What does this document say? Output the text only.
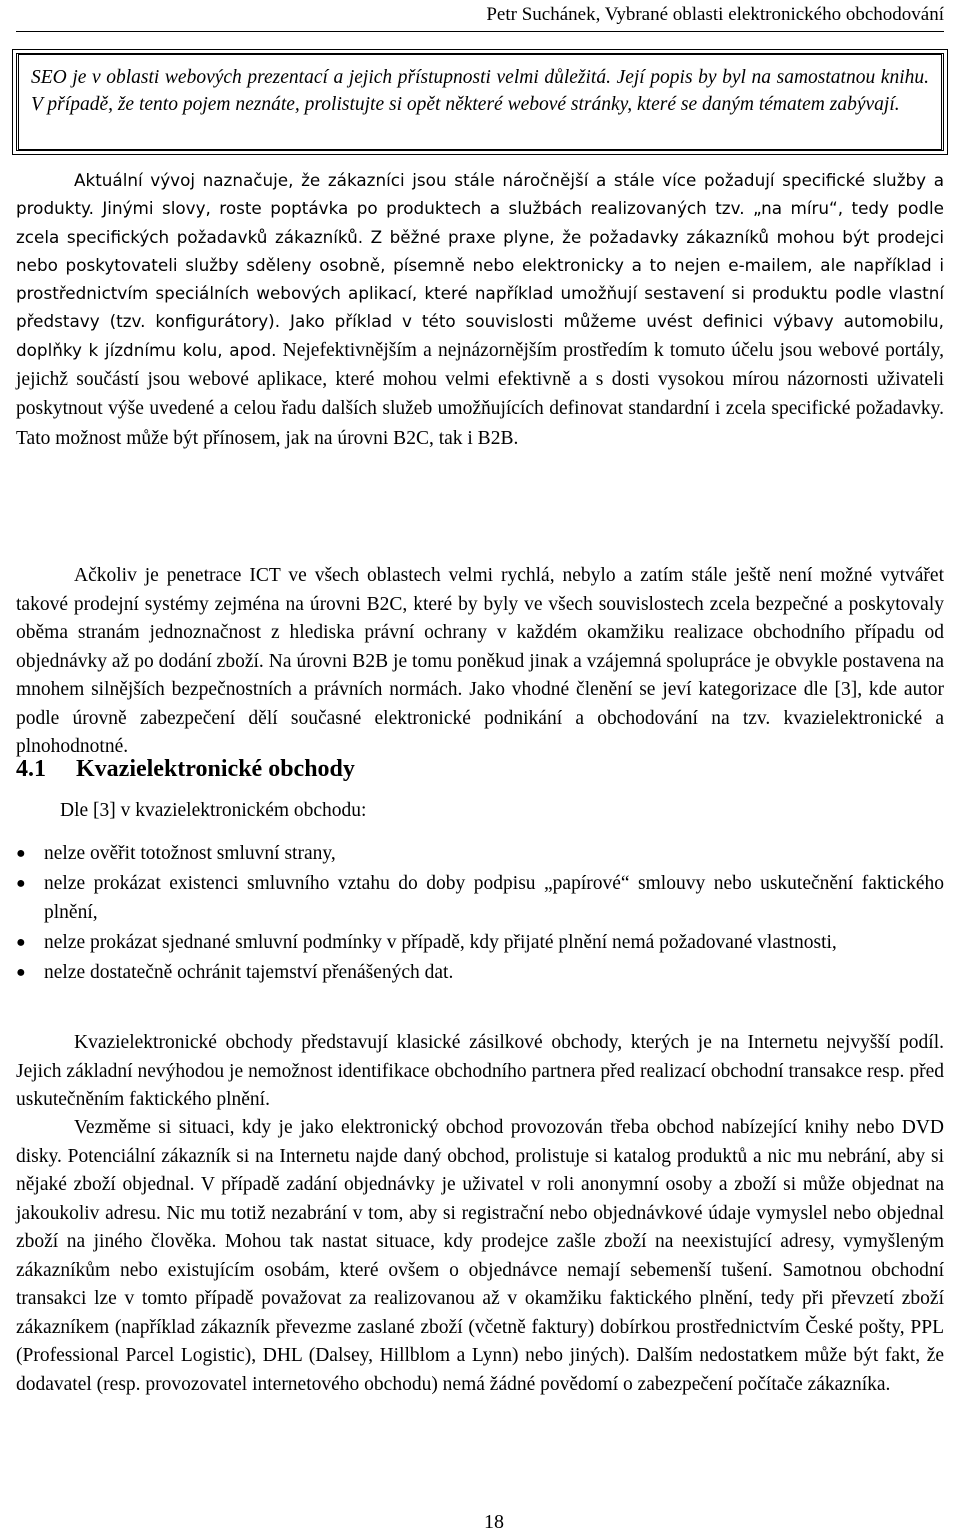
Petr Suchánek, Vybrané oblasti elektronického obchodování
SEO je v oblasti webových prezentací a jejich přístupnosti velmi důležitá. Její popis by byl na samostatnou knihu. V případě, že tento pojem neznáte, prolistujte si opět některé webové stránky, které se daným tématem zabývají.

Aktuální vývoj naznačuje, že zákazníci jsou stále náročnější a stále více požadují specifické služby a produkty. Jinými slovy, roste poptávka po produktech a službách realizovaných tzv. „na míru“, tedy podle zcela specifických požadavků zákazníků. Z běžné praxe plyne, že požadavky zákazníků mohou být prodejci nebo poskytovateli služby sděleny osobně, písemně nebo elektronicky a to nejen e-mailem, ale například i prostřednictvím speciálních webových aplikací, které například umožňují sestavení si produktu podle vlastní představy (tzv. konfigurátory). Jako příklad v této souvislosti můžeme uvést definici výbavy automobilu, doplňky k jízdnímu kolu, apod. Nejefektivnějším a nejnázornějším prostředím k tomuto účelu jsou webové portály, jejichž součástí jsou webové aplikace, které mohou velmi efektivně a s dosti vysokou mírou názornosti uživateli poskytnout výše uvedené a celou řadu dalších služeb umožňujících definovat standardní i zcela specifické požadavky. Tato možnost může být přínosem, jak na úrovni B2C, tak i B2B.

Ačkoliv je penetrace ICT ve všech oblastech velmi rychlá, nebylo a zatím stále ještě není možné vytvářet takové prodejní systémy zejména na úrovni B2C, které by byly ve všech souvislostech zcela bezpečné a poskytovaly oběma stranám jednoznačnost z hlediska právní ochrany v každém okamžiku realizace obchodního případu od objednávky až po dodání zboží. Na úrovni B2B je tomu poněkud jinak a vzájemná spolupráce je obvykle postavena na mnohem silnějších bezpečnostních a právních normách. Jako vhodné členění se jeví kategorizace dle [3], kde autor podle úrovně zabezpečení dělí současné elektronické podnikání a obchodování na tzv. kvazielektronické a plnohodnotné.

4.1 Kvazielektronické obchody
Dle [3] v kvazielektronickém obchodu:
● nelze ověřit totožnost smluvní strany,
● nelze prokázat existenci smluvního vztahu do doby podpisu „papírové“ smlouvy nebo uskutečnění faktického plnění,
● nelze prokázat sjednané smluvní podmínky v případě, kdy přijaté plnění nemá požadované vlastnosti,
● nelze dostatečně ochránit tajemství přenášených dat.

Kvazielektronické obchody představují klasické zásilkové obchody, kterých je na Internetu nejvyšší podíl. Jejich základní nevýhodou je nemožnost identifikace obchodního partnera před realizací obchodní transakce resp. před uskutečněním faktického plnění.

Vezměme si situaci, kdy je jako elektronický obchod provozován třeba obchod nabízející knihy nebo DVD disky. Potenciální zákazník si na Internetu najde daný obchod, prolistuje si katalog produktů a nic mu nebrání, aby si nějaké zboží objednal. V případě zadání objednávky je uživatel v roli anonymní osoby a zboží si může objednat na jakoukoliv adresu. Nic mu totiž nezabrání v tom, aby si registrační nebo objednávkové údaje vymyslel nebo objednal zboží na jiného člověka. Mohou tak nastat situace, kdy prodejce zašle zboží na neexistující adresy, vymyšleným zákazníkům nebo existujícím osobám, které ovšem o objednávce nemají sebemenší tušení. Samotnou obchodní transakci lze v tomto případě považovat za realizovanou až v okamžiku faktického plnění, tedy při převzetí zboží zákazníkem (například zákazník převezme zaslané zboží (včetně faktury) dobírkou prostřednictvím České pošty, PPL (Professional Parcel Logistic), DHL (Dalsey, Hillblom a Lynn) nebo jiných). Dalším nedostatkem může být fakt, že dodavatel (resp. provozovatel internetového obchodu) nemá žádné povědomí o zabezpečení počítače zákazníka.

18
